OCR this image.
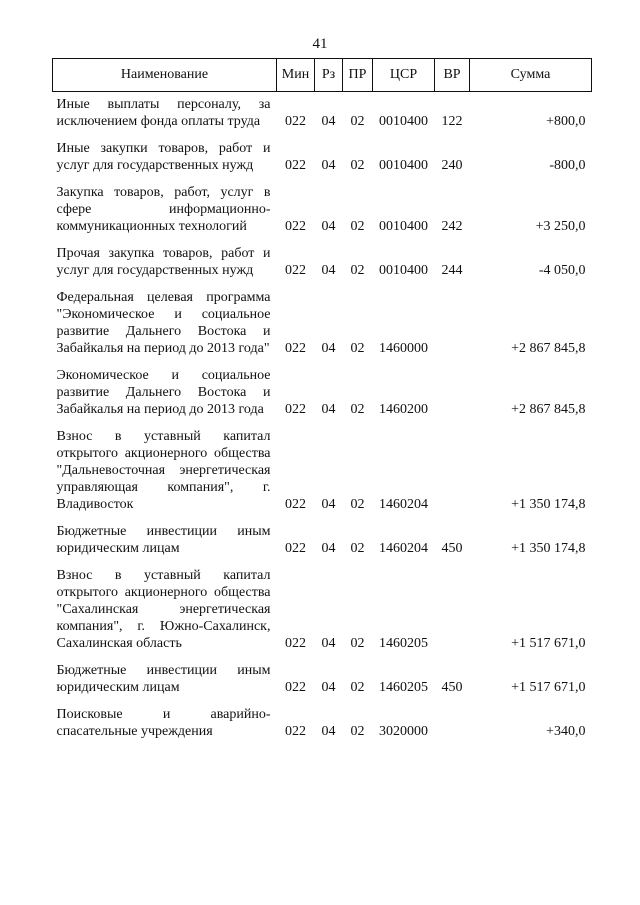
41
Наименование	Мин	Рз	ПР	ЦСР	ВР	Сумма
Иные выплаты персоналу, за исключением фонда оплаты труда	022	04	02	0010400	122	+800,0
Иные закупки товаров, работ и услуг для государственных нужд	022	04	02	0010400	240	-800,0
Закупка товаров, работ, услуг в сфере информационно-коммуникационных технологий	022	04	02	0010400	242	+3 250,0
Прочая закупка товаров, работ и услуг для государственных нужд	022	04	02	0010400	244	-4 050,0
Федеральная целевая программа "Экономическое и социальное развитие Дальнего Востока и Забайкалья на период до 2013 года"	022	04	02	1460000		+2 867 845,8
Экономическое и социальное развитие Дальнего Востока и Забайкалья на период до 2013 года	022	04	02	1460200		+2 867 845,8
Взнос в уставный капитал открытого акционерного общества "Дальневосточная энергетическая управляющая компания", г. Владивосток	022	04	02	1460204		+1 350 174,8
Бюджетные инвестиции иным юридическим лицам	022	04	02	1460204	450	+1 350 174,8
Взнос в уставный капитал открытого акционерного общества "Сахалинская энергетическая компания", г. Южно-Сахалинск, Сахалинская область	022	04	02	1460205		+1 517 671,0
Бюджетные инвестиции иным юридическим лицам	022	04	02	1460205	450	+1 517 671,0
Поисковые и аварийно-спасательные учреждения	022	04	02	3020000		+340,0
